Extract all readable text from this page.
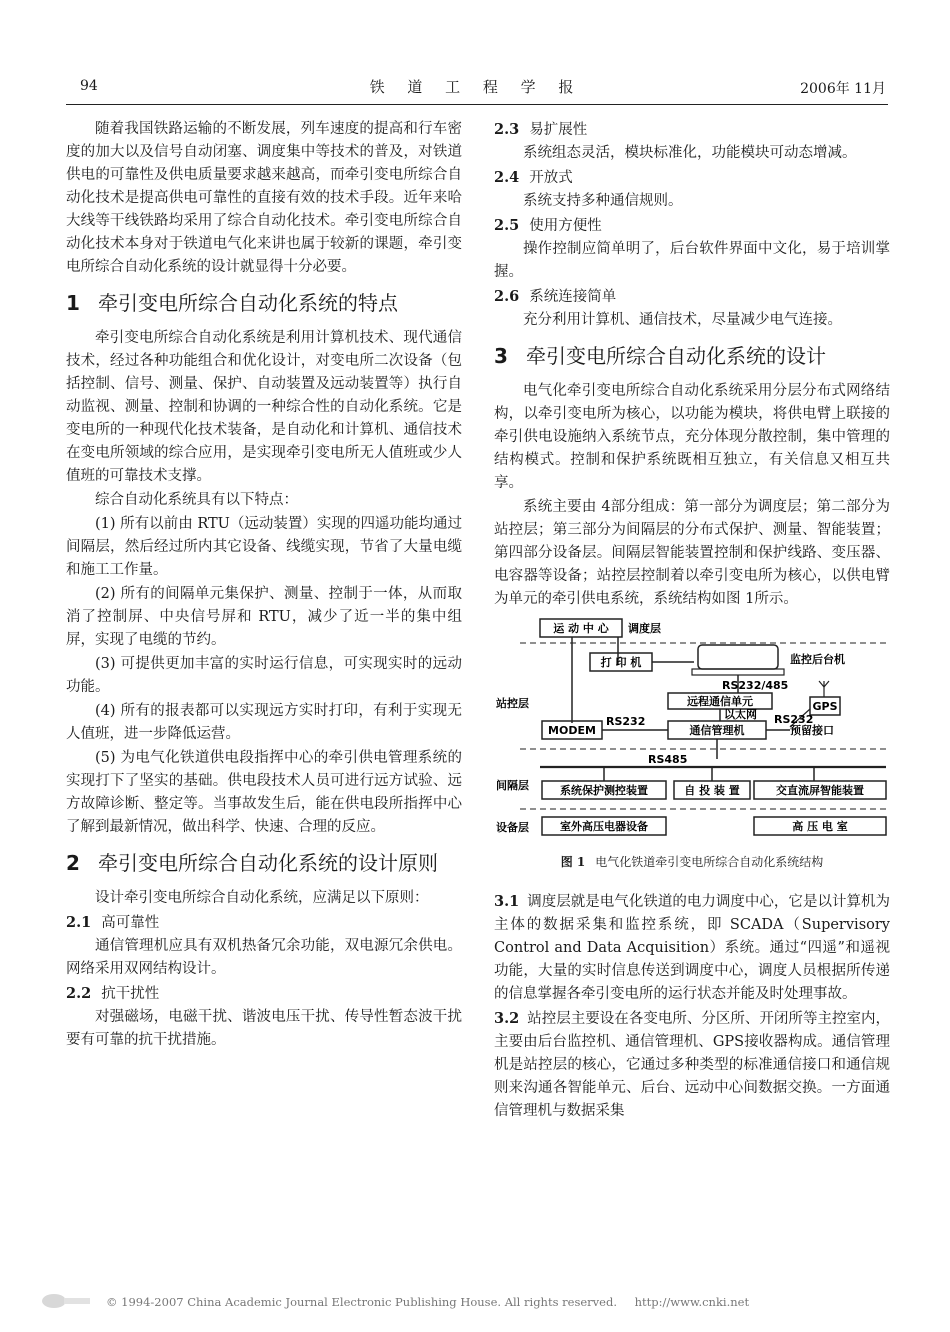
94	铁 道 工 程 学 报	2006年 11月

随着我国铁路运输的不断发展，列车速度的提高和行车密度的加大以及信号自动闭塞、调度集中等技术的普及，对铁道供电的可靠性及供电质量要求越来越高，而牵引变电所综合自动化技术是提高供电可靠性的直接有效的技术手段。近年来哈大线等干线铁路均采用了综合自动化技术。牵引变电所综合自动化技术本身对于铁道电气化来讲也属于较新的课题，牵引变电所综合自动化系统的设计就显得十分必要。

1 牵引变电所综合自动化系统的特点

牵引变电所综合自动化系统是利用计算机技术、现代通信技术，经过各种功能组合和优化设计，对变电所二次设备（包括控制、信号、测量、保护、自动装置及远动装置等）执行自动监视、测量、控制和协调的一种综合性的自动化系统。它是变电所的一种现代化技术装备，是自动化和计算机、通信技术在变电所领域的综合应用，是实现牵引变电所无人值班或少人值班的可靠技术支撑。

综合自动化系统具有以下特点：

(1) 所有以前由 RTU（远动装置）实现的四遥功能均通过间隔层，然后经过所内其它设备、线缆实现，节省了大量电缆和施工工作量。

(2) 所有的间隔单元集保护、测量、控制于一体，从而取消了控制屏、中央信号屏和 RTU，减少了近一半的集中组屏，实现了电缆的节约。

(3) 可提供更加丰富的实时运行信息，可实现实时的远动功能。

(4) 所有的报表都可以实现远方实时打印，有利于实现无人值班，进一步降低运营。

(5) 为电气化铁道供电段指挥中心的牵引供电管理系统的实现打下了坚实的基础。供电段技术人员可进行远方试验、远方故障诊断、整定等。当事故发生后，能在供电段所指挥中心了解到最新情况，做出科学、快速、合理的反应。

2 牵引变电所综合自动化系统的设计原则

设计牵引变电所综合自动化系统，应满足以下原则：

2.1 高可靠性

通信管理机应具有双机热备冗余功能，双电源冗余供电。网络采用双网结构设计。

2.2 抗干扰性

对强磁场，电磁干扰、谐波电压干扰、传导性暂态波干扰要有可靠的抗干扰措施。

2.3 易扩展性

系统组态灵活，模块标准化，功能模块可动态增减。

2.4 开放式

系统支持多种通信规则。

2.5 使用方便性

操作控制应简单明了，后台软件界面中文化，易于培训掌握。

2.6 系统连接简单

充分利用计算机、通信技术，尽量减少电气连接。

3 牵引变电所综合自动化系统的设计

电气化牵引变电所综合自动化系统采用分层分布式网络结构，以牵引变电所为核心，以功能为模块，将供电臂上联接的牵引供电设施纳入系统节点，充分体现分散控制，集中管理的结构模式。控制和保护系统既相互独立，有关信息又相互共享。

系统主要由 4部分组成：第一部分为调度层；第二部分为站控层；第三部分为间隔层的分布式保护、测量、智能装置；第四部分设备层。间隔层智能装置控制和保护线路、变压器、电容器等设备；站控层控制着以牵引变电所为核心，以供电臂为单元的牵引供电系统，系统结构如图 1所示。

运 动 中 心 调度层
打 印 机	监控后台机
RS232/485
站控层	远程通信单元
以太网
GPS
RS232
MODEM
RS232
通信管理机	预留接口
RS485
间隔层	系统保护测控装置	自 投 装 置	交直流屏智能装置
设备层	室外高压电器设备	高 压 电 室
图 1 电气化铁道牵引变电所综合自动化系统结构

3.1 调度层就是电气化铁道的电力调度中心，它是以计算机为主体的数据采集和监控系统，即 SCADA（Supervisory Control and Data Acquisition）系统。通过“四遥”和遥视功能，大量的实时信息传送到调度中心，调度人员根据所传递的信息掌握各牵引变电所的运行状态并能及时处理事故。

3.2 站控层主要设在各变电所、分区所、开闭所等主控室内，主要由后台监控机、通信管理机、GPS接收器构成。通信管理机是站控层的核心，它通过多种类型的标准通信接口和通信规则来沟通各智能单元、后台、远动中心间数据交换。一方面通信管理机与数据采集

© 1994-2007 China Academic Journal Electronic Publishing House. All rights reserved. http://www.cnki.net
